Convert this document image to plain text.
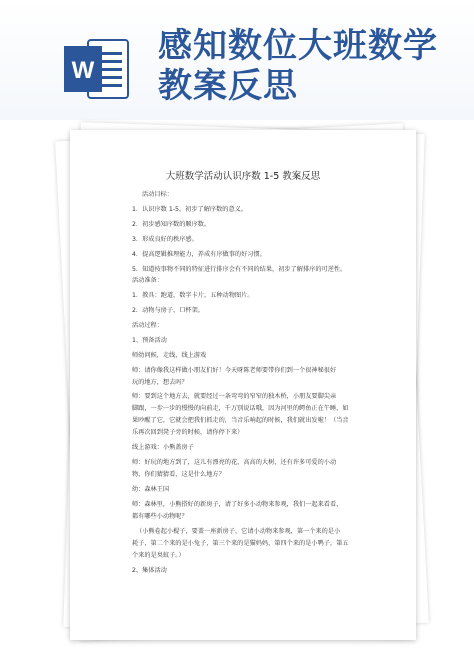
W
感知数位大班数学教案反思
大班数学活动认识序数 1-5 教案反思
活动目标：
1．认识序数 1-5，初步了解序数的意义。
2．初步感知序数的顺序数。
3．形成良好的秩序感。
4．提高逻辑推理能力，养成有序做事的好习惯。
5．知道按事物不同的特征进行排序会有不同的结果，初步了解排序的可逆性。
活动准备：
1．教具：跑道，数字卡片，五种动物图片。
2．动物与房子，口杯架。
活动过程：
1、预备活动
师幼问候，走线，线上游戏
师：请你像我这样做小朋友们好！今天呀陈老师要带你们到一个很神秘很好
玩的地方，想去吗？
师：要到这个地方去，就要经过一条弯弯的窄窄的独木桥，小朋友要脚尖亲
脚跟，一步一步的慢慢的向前走，千万别说话哦，因为河里的鳄鱼正在午睡，如
果吵醒了它，它就会把我们抓走的，当音乐响起的时候，我们就出发啦！（当音
乐再次回到凳子旁的时候，请你停下来）
线上游戏：小熊盖房子
师：好玩的地方到了，这儿有漂亮的花，高高的大树，还有许多可爱的小动
物，你们猜猜看，这是什么地方？
幼：森林王国
师：森林里，小熊搭好的新房子，请了好多小动物来参观，我们一起来看看，
都有哪些小动物呢？
（小熊卷起小棍子，要盖一座新房子，它请小动物来参观，第一个来的是小
耗子，第二个来的是小兔子，第三个来的是猫妈妈，第四个来的是小鸭子，第五
个来的是臭蚊子。）
2、集体活动
